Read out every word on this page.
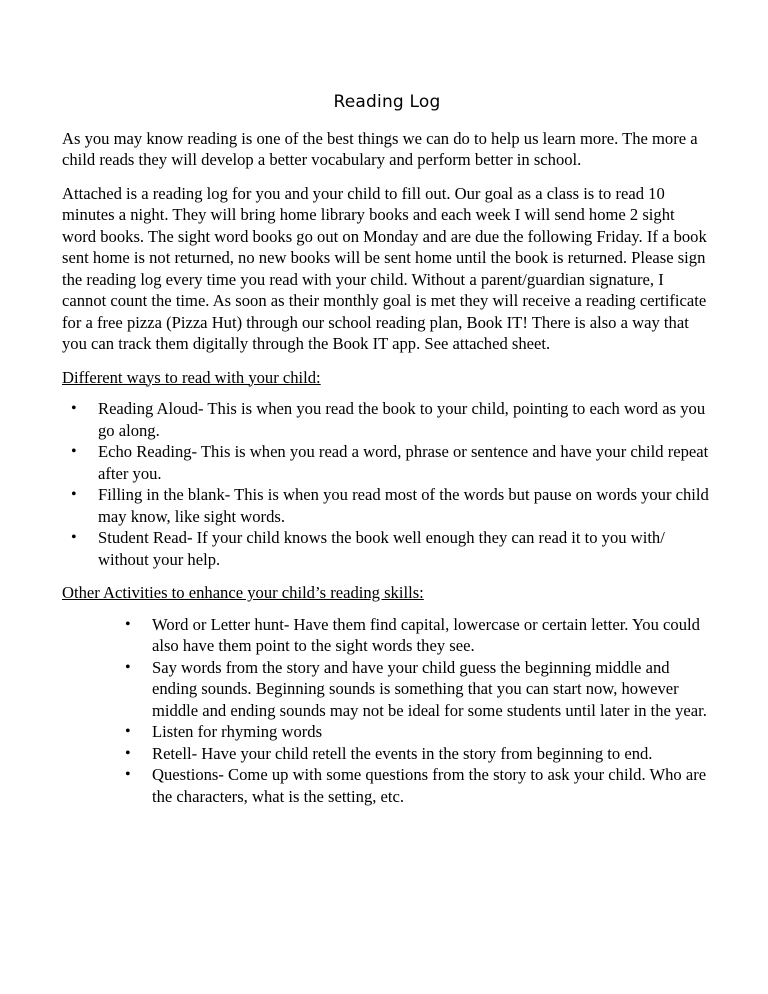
Reading Log

As you may know reading is one of the best things we can do to help us learn more. The more a child reads they will develop a better vocabulary and perform better in school.

Attached is a reading log for you and your child to fill out. Our goal as a class is to read 10 minutes a night. They will bring home library books and each week I will send home 2 sight word books. The sight word books go out on Monday and are due the following Friday. If a book sent home is not returned, no new books will be sent home until the book is returned. Please sign the reading log every time you read with your child. Without a parent/guardian signature, I cannot count the time. As soon as their monthly goal is met they will receive a reading certificate for a free pizza (Pizza Hut) through our school reading plan, Book IT! There is also a way that you can track them digitally through the Book IT app. See attached sheet.

Different ways to read with your child:
• Reading Aloud- This is when you read the book to your child, pointing to each word as you go along.
• Echo Reading- This is when you read a word, phrase or sentence and have your child repeat after you.
• Filling in the blank- This is when you read most of the words but pause on words your child may know, like sight words.
• Student Read- If your child knows the book well enough they can read it to you with/ without your help.
Other Activities to enhance your child’s reading skills:
• Word or Letter hunt- Have them find capital, lowercase or certain letter. You could also have them point to the sight words they see.
• Say words from the story and have your child guess the beginning middle and ending sounds. Beginning sounds is something that you can start now, however middle and ending sounds may not be ideal for some students until later in the year.
• Listen for rhyming words
• Retell- Have your child retell the events in the story from beginning to end.
• Questions- Come up with some questions from the story to ask your child. Who are the characters, what is the setting, etc.
